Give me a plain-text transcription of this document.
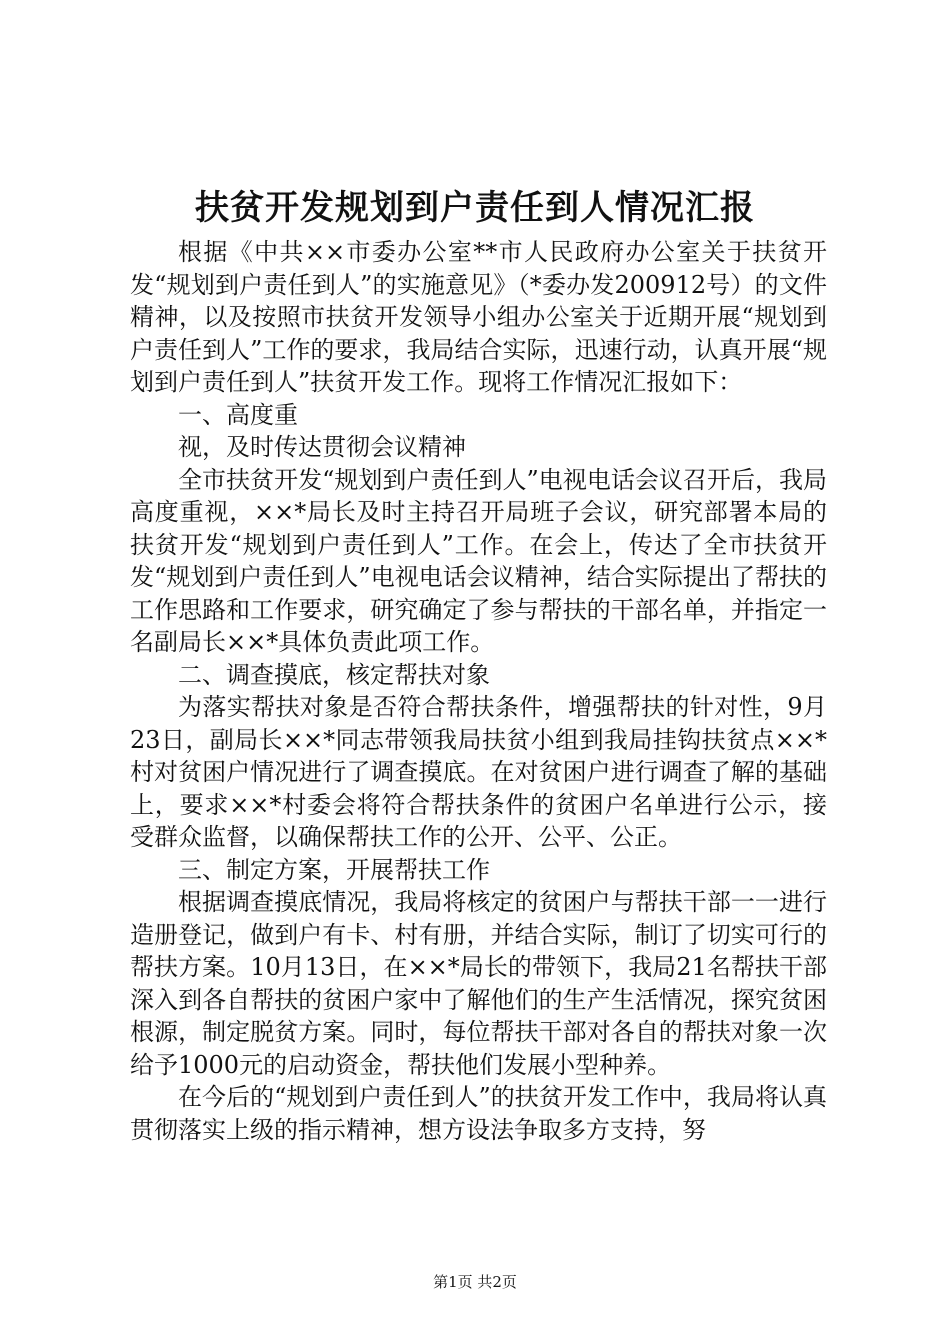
扶贫开发规划到户责任到人情况汇报

根据《中共××市委办公室**市人民政府办公室关于扶贫开发“规划到户责任到人”的实施意见》（*委办发200912号）的文件精神，以及按照市扶贫开发领导小组办公室关于近期开展“规划到户责任到人”工作的要求，我局结合实际，迅速行动，认真开展“规划到户责任到人”扶贫开发工作。现将工作情况汇报如下：

一、高度重

视，及时传达贯彻会议精神

全市扶贫开发“规划到户责任到人”电视电话会议召开后，我局高度重视，××*局长及时主持召开局班子会议，研究部署本局的扶贫开发“规划到户责任到人”工作。在会上，传达了全市扶贫开发“规划到户责任到人”电视电话会议精神，结合实际提出了帮扶的工作思路和工作要求，研究确定了参与帮扶的干部名单，并指定一名副局长××*具体负责此项工作。

二、调查摸底，核定帮扶对象

为落实帮扶对象是否符合帮扶条件，增强帮扶的针对性，9月23日，副局长××*同志带领我局扶贫小组到我局挂钩扶贫点××*村对贫困户情况进行了调查摸底。在对贫困户进行调查了解的基础上，要求××*村委会将符合帮扶条件的贫困户名单进行公示，接受群众监督，以确保帮扶工作的公开、公平、公正。

三、制定方案，开展帮扶工作

根据调查摸底情况，我局将核定的贫困户与帮扶干部一一进行造册登记，做到户有卡、村有册，并结合实际，制订了切实可行的帮扶方案。10月13日，在××*局长的带领下，我局21名帮扶干部深入到各自帮扶的贫困户家中了解他们的生产生活情况，探究贫困根源，制定脱贫方案。同时，每位帮扶干部对各自的帮扶对象一次给予1000元的启动资金，帮扶他们发展小型种养。

在今后的“规划到户责任到人”的扶贫开发工作中，我局将认真贯彻落实上级的指示精神，想方设法争取多方支持，努

第1页 共2页
